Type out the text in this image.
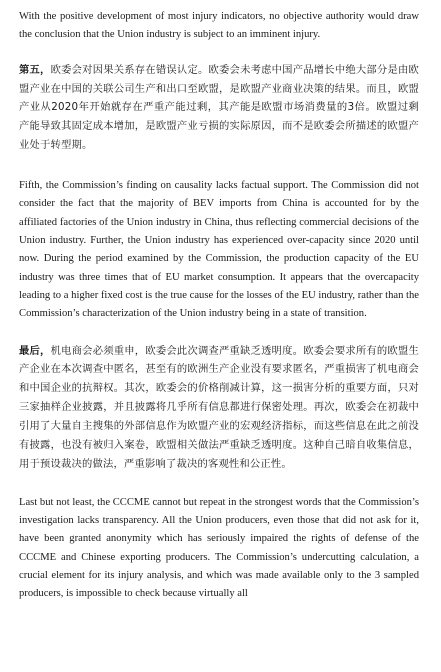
With the positive development of most injury indicators, no objective authority would draw the conclusion that the Union industry is subject to an imminent injury.

第五，欧委会对因果关系存在错误认定。欧委会未考虑中国产品增长中绝大部分是由欧盟产业在中国的关联公司生产和出口至欧盟，是欧盟产业商业决策的结果。而且，欧盟产业从2020年开始就存在严重产能过剩，其产能是欧盟市场消费量的3倍。欧盟过剩产能导致其固定成本增加，是欧盟产业亏损的实际原因，而不是欧委会所描述的欧盟产业处于转型期。

Fifth, the Commission’s finding on causality lacks factual support. The Commission did not consider the fact that the majority of BEV imports from China is accounted for by the affiliated factories of the Union industry in China, thus reflecting commercial decisions of the Union industry. Further, the Union industry has experienced over-capacity since 2020 until now. During the period examined by the Commission, the production capacity of the EU industry was three times that of EU market consumption. It appears that the overcapacity leading to a higher fixed cost is the true cause for the losses of the EU industry, rather than the Commission’s characterization of the Union industry being in a state of transition.

最后，机电商会必须重申，欧委会此次调查严重缺乏透明度。欧委会要求所有的欧盟生产企业在本次调查中匿名，甚至有的欧洲生产企业没有要求匿名，严重损害了机电商会和中国企业的抗辩权。其次，欧委会的价格削减计算，这一损害分析的重要方面，只对三家抽样企业披露，并且披露将几乎所有信息都进行保密处理。再次，欧委会在初裁中引用了大量自主搜集的外部信息作为欧盟产业的宏观经济指标，而这些信息在此之前没有披露，也没有被归入案卷，欧盟相关做法严重缺乏透明度。这种自己暗自收集信息，用于预设裁决的做法，严重影响了裁决的客观性和公正性。

Last but not least, the CCCME cannot but repeat in the strongest words that the Commission’s investigation lacks transparency. All the Union producers, even those that did not ask for it, have been granted anonymity which has seriously impaired the rights of defense of the CCCME and Chinese exporting producers. The Commission’s undercutting calculation, a crucial element for its injury analysis, and which was made available only to the 3 sampled producers, is impossible to check because virtually all
